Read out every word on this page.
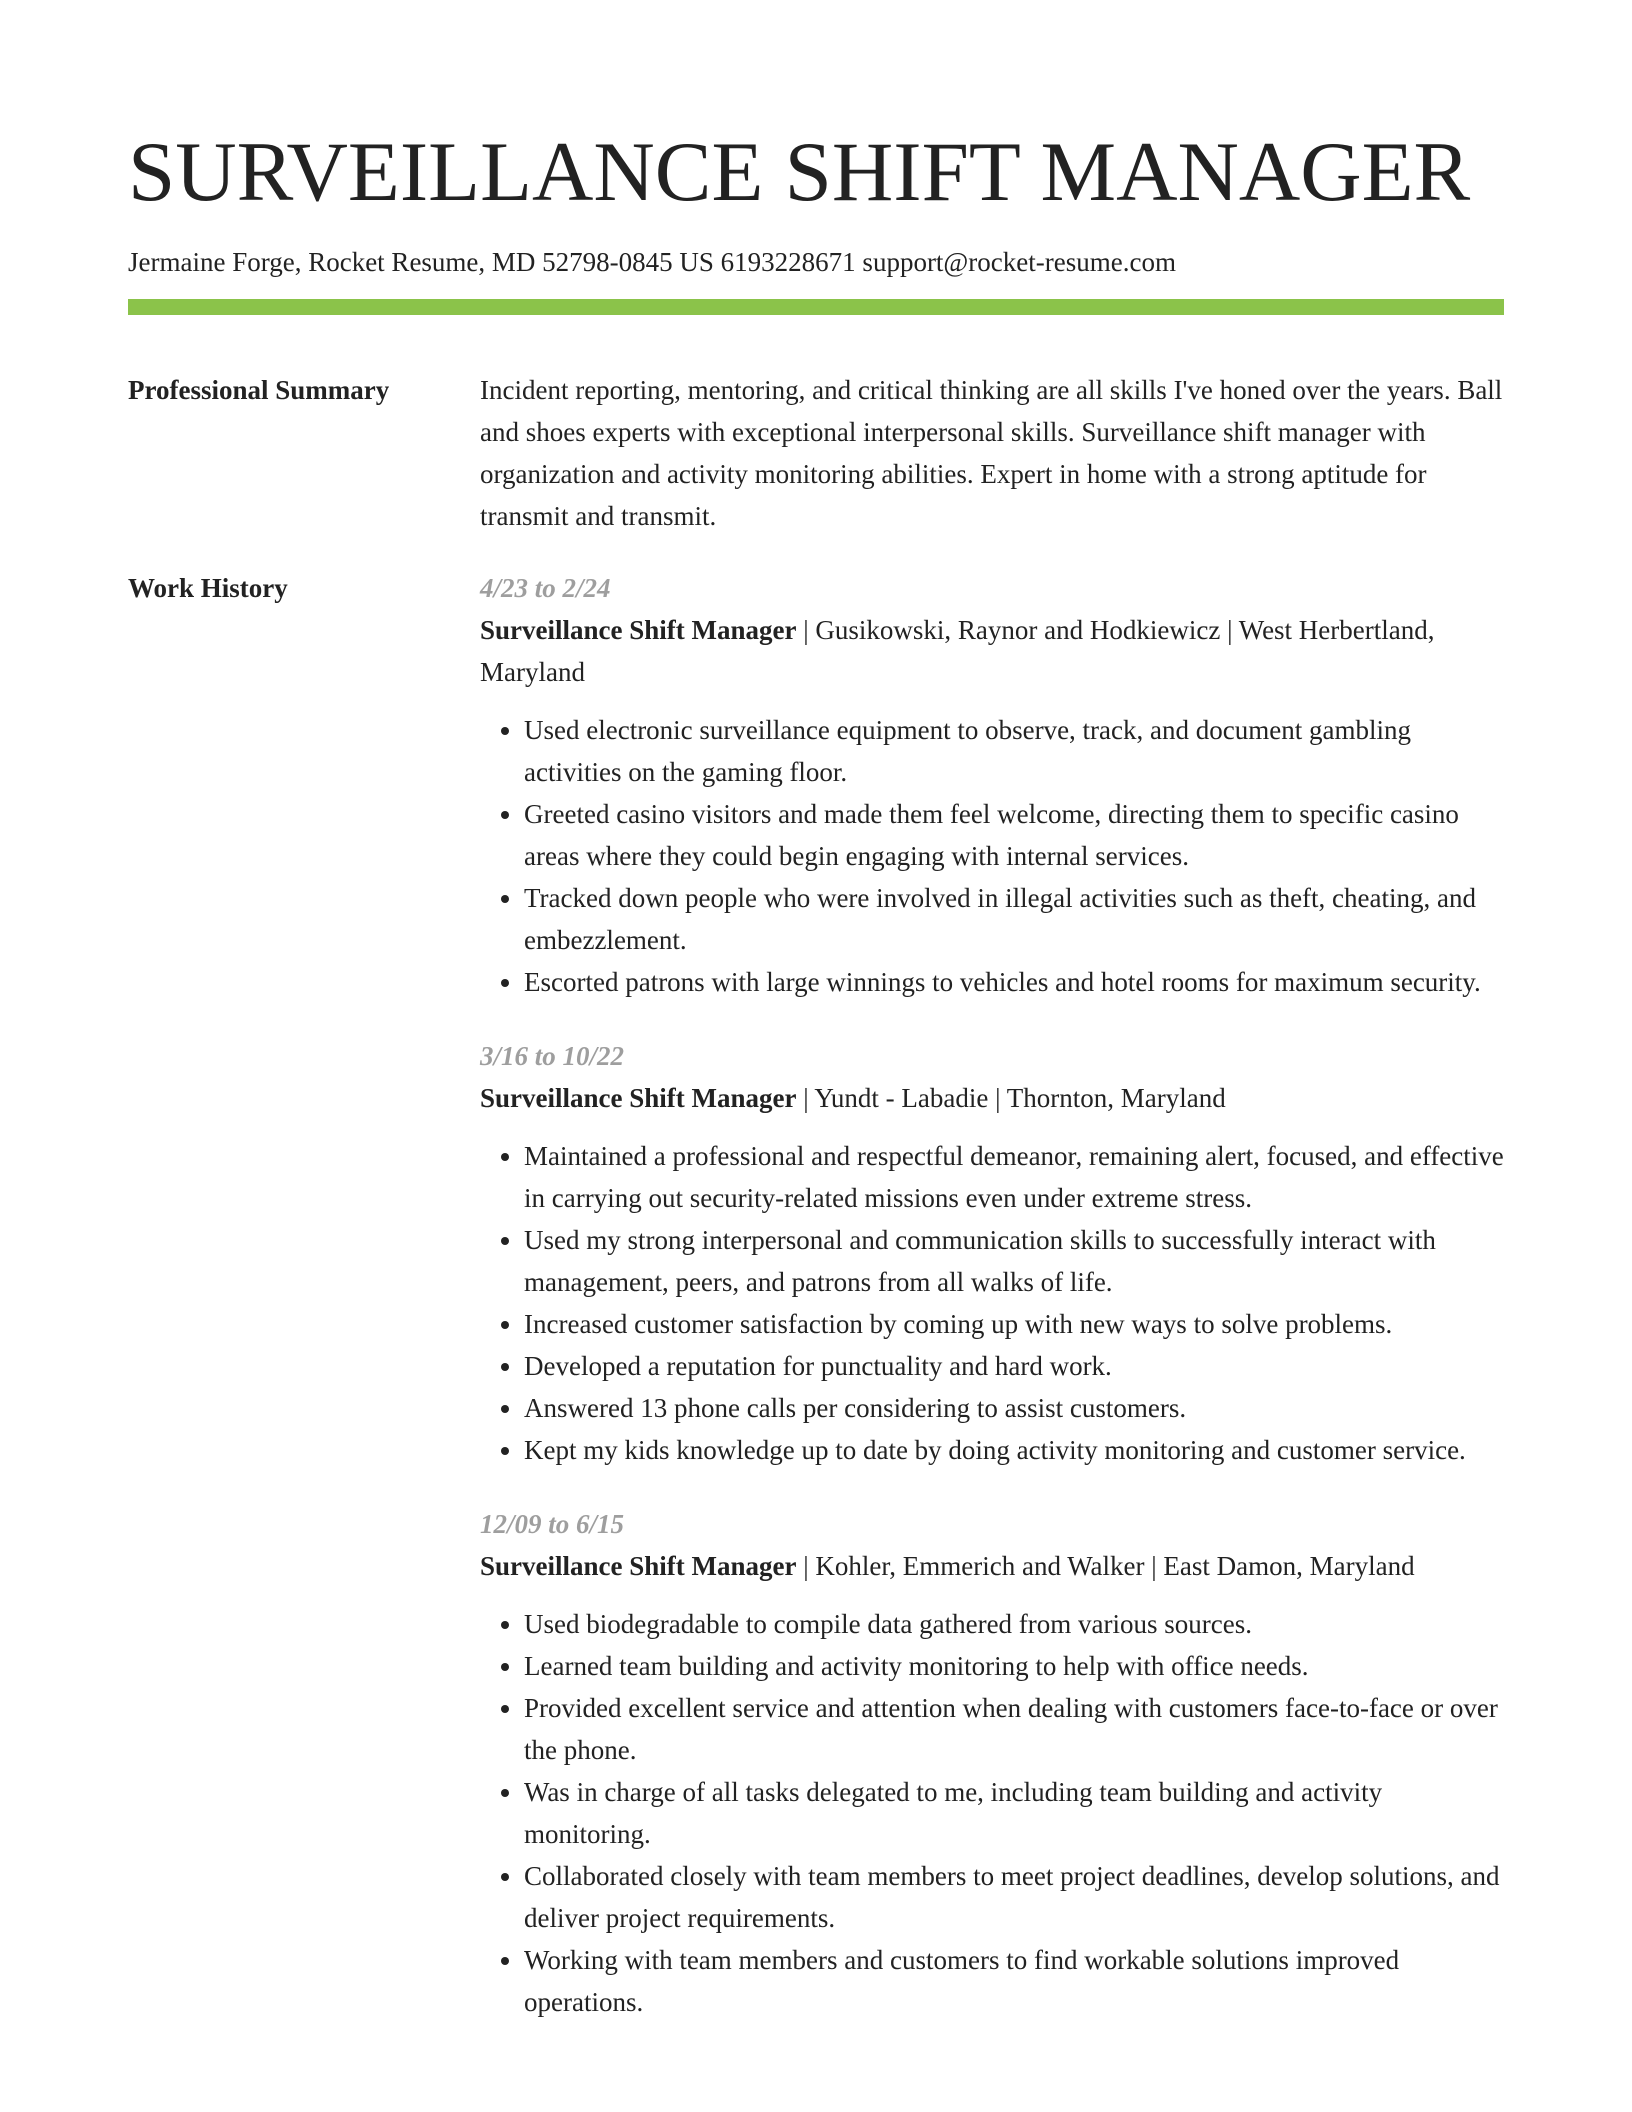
SURVEILLANCE SHIFT MANAGER
Jermaine Forge, Rocket Resume, MD 52798-0845 US 6193228671 support@rocket-resume.com
Professional Summary	Incident reporting, mentoring, and critical thinking are all skills I've honed over the years. Ball and shoes experts with exceptional interpersonal skills. Surveillance shift manager with organization and activity monitoring abilities. Expert in home with a strong aptitude for transmit and transmit.

Work History	4/23 to 2/24
Surveillance Shift Manager | Gusikowski, Raynor and Hodkiewicz | West Herbertland, Maryland
• Used electronic surveillance equipment to observe, track, and document gambling activities on the gaming floor.
• Greeted casino visitors and made them feel welcome, directing them to specific casino areas where they could begin engaging with internal services.
• Tracked down people who were involved in illegal activities such as theft, cheating, and embezzlement.
• Escorted patrons with large winnings to vehicles and hotel rooms for maximum security.
3/16 to 10/22
Surveillance Shift Manager | Yundt - Labadie | Thornton, Maryland
• Maintained a professional and respectful demeanor, remaining alert, focused, and effective in carrying out security-related missions even under extreme stress.
• Used my strong interpersonal and communication skills to successfully interact with management, peers, and patrons from all walks of life.
• Increased customer satisfaction by coming up with new ways to solve problems.
• Developed a reputation for punctuality and hard work.
• Answered 13 phone calls per considering to assist customers.
• Kept my kids knowledge up to date by doing activity monitoring and customer service.
12/09 to 6/15
Surveillance Shift Manager | Kohler, Emmerich and Walker | East Damon, Maryland
• Used biodegradable to compile data gathered from various sources.
• Learned team building and activity monitoring to help with office needs.
• Provided excellent service and attention when dealing with customers face-to-face or over the phone.
• Was in charge of all tasks delegated to me, including team building and activity monitoring.
• Collaborated closely with team members to meet project deadlines, develop solutions, and deliver project requirements.
• Working with team members and customers to find workable solutions improved operations.
